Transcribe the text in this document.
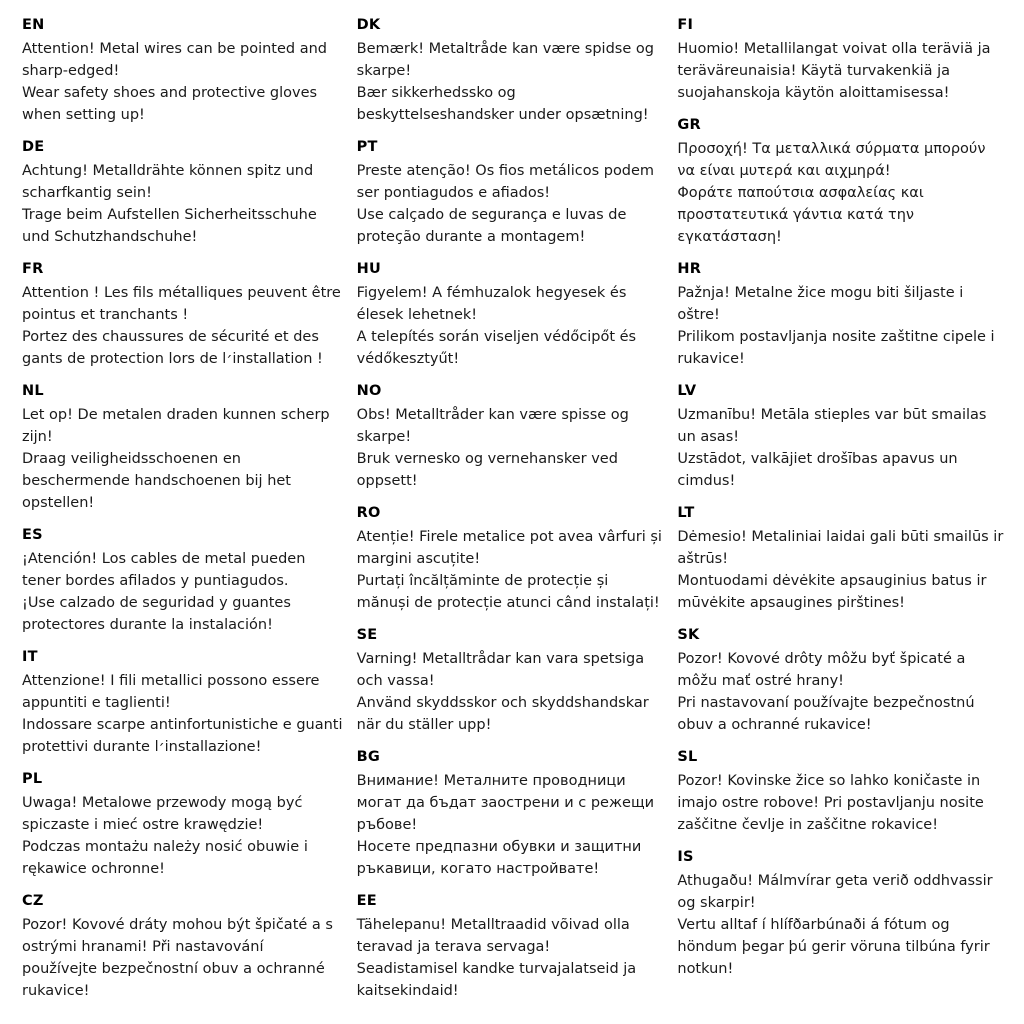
EN
Attention! Metal wires can be pointed and sharp-edged!
Wear safety shoes and protective gloves when setting up!
DE
Achtung! Metalldrähte können spitz und scharfkantig sein!
Trage beim Aufstellen Sicherheitsschuhe und Schutzhandschuhe!
FR
Attention ! Les fils métalliques peuvent être pointus et tranchants !
Portez des chaussures de sécurité et des gants de protection lors de l׳installation !
NL
Let op! De metalen draden kunnen scherp zijn!
Draag veiligheidsschoenen en beschermende handschoenen bij het opstellen!
ES
¡Atención! Los cables de metal pueden tener bordes afilados y puntiagudos.
¡Use calzado de seguridad y guantes protectores durante la instalación!
IT
Attenzione! I fili metallici possono essere appuntiti e taglienti!
Indossare scarpe antinfortunistiche e guanti protettivi durante l׳installazione!
PL
Uwaga! Metalowe przewody mogą być spiczaste i mieć ostre krawędzie!
Podczas montażu należy nosić obuwie i rękawice ochronne!
CZ
Pozor! Kovové dráty mohou být špičaté a s ostrými hranami! Při nastavování používejte bezpečnostní obuv a ochranné rukavice!
DK
Bemærk! Metaltråde kan være spidse og skarpe!
Bær sikkerhedssko og beskyttelseshandsker under opsætning!
PT
Preste atenção! Os fios metálicos podem ser pontiagudos e afiados!
Use calçado de segurança e luvas de proteção durante a montagem!
HU
Figyelem! A fémhuzalok hegyesek és élesek lehetnek!
A telepítés során viseljen védőcipőt és védőkesztyűt!
NO
Obs! Metalltråder kan være spisse og skarpe!
Bruk vernesko og vernehansker ved oppsett!
RO
Atenție! Firele metalice pot avea vârfuri și margini ascuțite!
Purtați încălțăminte de protecție și mănuși de protecție atunci când instalați!
SE
Varning! Metalltrådar kan vara spetsiga och vassa!
Använd skyddsskor och skyddshandskar när du ställer upp!
BG
Внимание! Металните проводници могат да бъдат заострени и с режещи ръбове!
Носете предпазни обувки и защитни ръкавици, когато настройвате!
EE
Tähelepanu! Metalltraadid võivad olla teravad ja terava servaga!
Seadistamisel kandke turvajalatseid ja kaitsekindaid!
FI
Huomio! Metallilangat voivat olla teräviä ja teräväreunaisia! Käytä turvakenkiä ja suojahanskoja käytön aloittamisessa!
GR
Προσοχή! Τα μεταλλικά σύρματα μπορούν να είναι μυτερά και αιχμηρά!
Φοράτε παπούτσια ασφαλείας και προστατευτικά γάντια κατά την εγκατάσταση!
HR
Pažnja! Metalne žice mogu biti šiljaste i oštre!
Prilikom postavljanja nosite zaštitne cipele i rukavice!
LV
Uzmanību! Metāla stieples var būt smailas un asas!
Uzstādot, valkājiet drošības apavus un cimdus!
LT
Dėmesio! Metaliniai laidai gali būti smailūs ir aštrūs!
Montuodami dėvėkite apsauginius batus ir mūvėkite apsaugines pirštines!
SK
Pozor! Kovové drôty môžu byť špicaté a môžu mať ostré hrany!
Pri nastavovaní používajte bezpečnostnú obuv a ochranné rukavice!
SL
Pozor! Kovinske žice so lahko koničaste in imajo ostre robove! Pri postavljanju nosite zaščitne čevlje in zaščitne rokavice!
IS
Athugaðu! Málmvírar geta verið oddhvassir og skarpir!
Vertu alltaf í hlífðarbúnaði á fótum og höndum þegar þú gerir vöruna tilbúna fyrir notkun!
